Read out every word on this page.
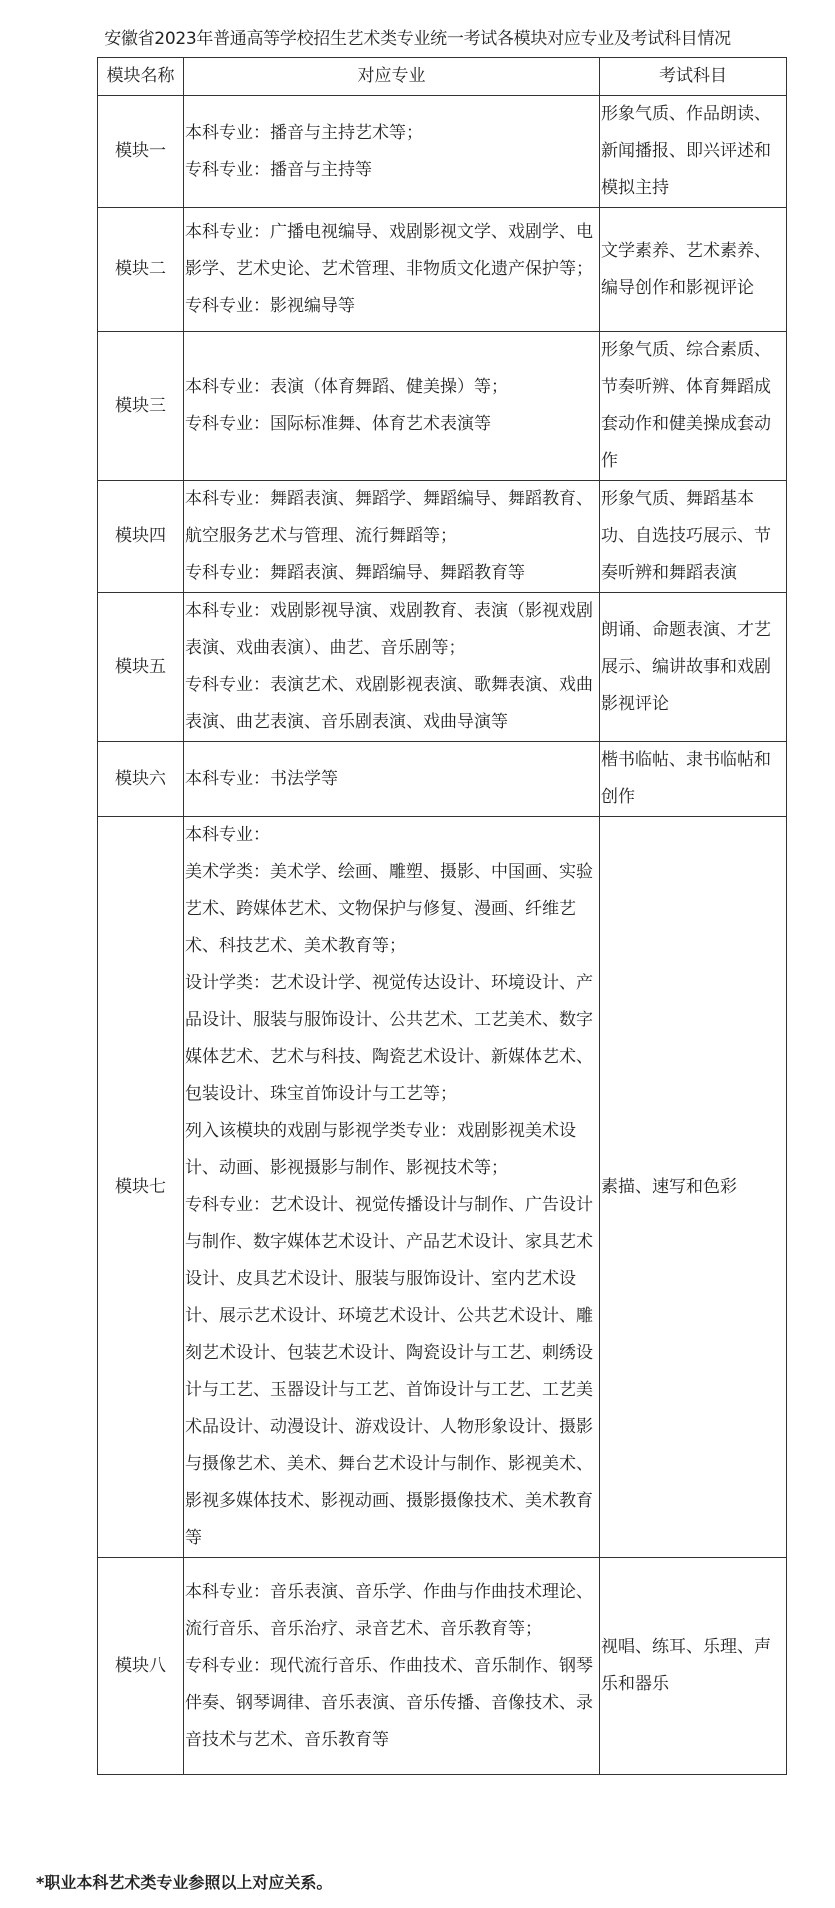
安徽省2023年普通高等学校招生艺术类专业统一考试各模块对应专业及考试科目情况
模块名称	对应专业	考试科目
模块一	本科专业：播音与主持艺术等；
专科专业：播音与主持等	形象气质、作品朗读、新闻播报、即兴评述和模拟主持
模块二	本科专业：广播电视编导、戏剧影视文学、戏剧学、电影学、艺术史论、艺术管理、非物质文化遗产保护等；
专科专业：影视编导等	文学素养、艺术素养、编导创作和影视评论
模块三	本科专业：表演（体育舞蹈、健美操）等；
专科专业：国际标准舞、体育艺术表演等	形象气质、综合素质、节奏听辨、体育舞蹈成套动作和健美操成套动作
模块四	本科专业：舞蹈表演、舞蹈学、舞蹈编导、舞蹈教育、航空服务艺术与管理、流行舞蹈等；
专科专业：舞蹈表演、舞蹈编导、舞蹈教育等	形象气质、舞蹈基本功、自选技巧展示、节奏听辨和舞蹈表演
模块五	本科专业：戏剧影视导演、戏剧教育、表演（影视戏剧表演、戏曲表演）、曲艺、音乐剧等；
专科专业：表演艺术、戏剧影视表演、歌舞表演、戏曲表演、曲艺表演、音乐剧表演、戏曲导演等	朗诵、命题表演、才艺展示、编讲故事和戏剧影视评论
模块六	本科专业：书法学等	楷书临帖、隶书临帖和创作
模块七	本科专业：
美术学类：美术学、绘画、雕塑、摄影、中国画、实验艺术、跨媒体艺术、文物保护与修复、漫画、纤维艺术、科技艺术、美术教育等；
设计学类：艺术设计学、视觉传达设计、环境设计、产品设计、服装与服饰设计、公共艺术、工艺美术、数字媒体艺术、艺术与科技、陶瓷艺术设计、新媒体艺术、包装设计、珠宝首饰设计与工艺等；
列入该模块的戏剧与影视学类专业：戏剧影视美术设计、动画、影视摄影与制作、影视技术等；
专科专业：艺术设计、视觉传播设计与制作、广告设计与制作、数字媒体艺术设计、产品艺术设计、家具艺术设计、皮具艺术设计、服装与服饰设计、室内艺术设计、展示艺术设计、环境艺术设计、公共艺术设计、雕刻艺术设计、包装艺术设计、陶瓷设计与工艺、刺绣设计与工艺、玉器设计与工艺、首饰设计与工艺、工艺美术品设计、动漫设计、游戏设计、人物形象设计、摄影与摄像艺术、美术、舞台艺术设计与制作、影视美术、影视多媒体技术、影视动画、摄影摄像技术、美术教育等	素描、速写和色彩
模块八	本科专业：音乐表演、音乐学、作曲与作曲技术理论、流行音乐、音乐治疗、录音艺术、音乐教育等；
专科专业：现代流行音乐、作曲技术、音乐制作、钢琴伴奏、钢琴调律、音乐表演、音乐传播、音像技术、录音技术与艺术、音乐教育等	视唱、练耳、乐理、声乐和器乐
*职业本科艺术类专业参照以上对应关系。
